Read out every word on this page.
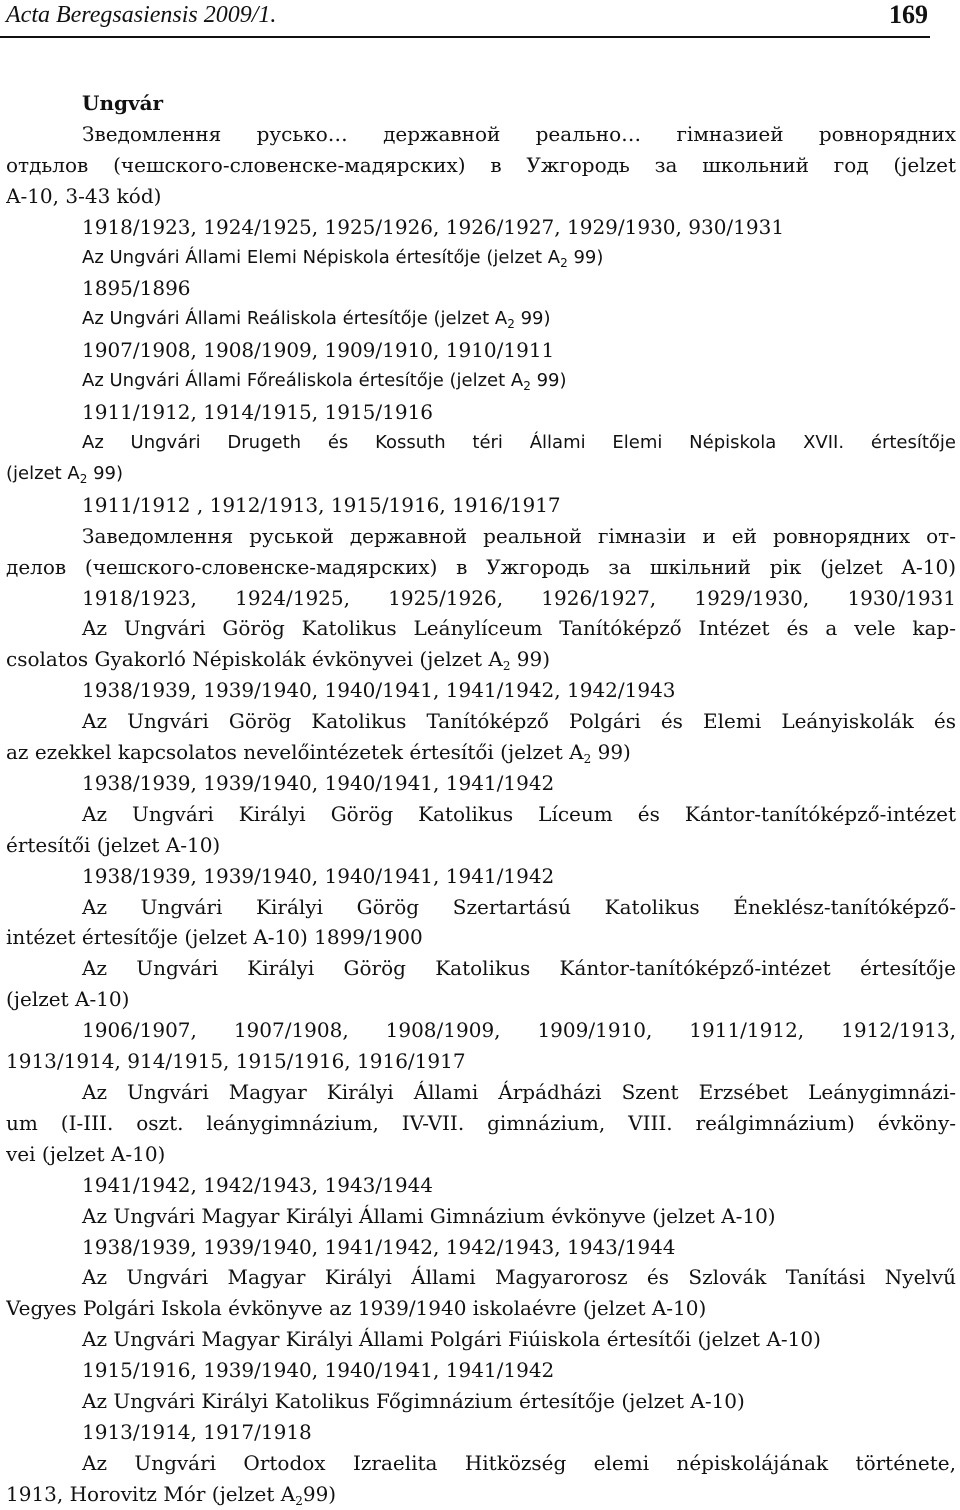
Acta Beregsasiensis 2009/1.	169
Ungvár
Зведомлення русько… державной реально… гімназией ровнорядних
отдьлов (чешского-словенске-мадярских) в Ужгородь за школьний год (jelzet
A-10, 3-43 kód)
1918/1923, 1924/1925, 1925/1926, 1926/1927, 1929/1930, 930/1931
Az Ungvári Állami Elemi Népiskola értesítője (jelzet $A_2$ 99)
1895/1896
Az Ungvári Állami Reáliskola értesítője (jelzet $A_2$ 99)
1907/1908, 1908/1909, 1909/1910, 1910/1911
Az Ungvári Állami Főreáliskola értesítője (jelzet $A_2$ 99)
1911/1912, 1914/1915, 1915/1916
Az Ungvári Drugeth és Kossuth téri Állami Elemi Népiskola XVII. értesítője
(jelzet $A_2$ 99)
1911/1912 , 1912/1913, 1915/1916, 1916/1917
Заведомлення руськой державной реальной гімназіи и ей ровнорядних от-
делов (чешского-словенске-мадярских) в Ужгородь за шкільний рік (jelzet A-10)
1918/1923, 1924/1925, 1925/1926, 1926/1927, 1929/1930, 1930/1931
Az Ungvári Görög Katolikus Leánylíceum Tanítóképző Intézet és a vele kap-
csolatos Gyakorló Népiskolák évkönyvei (jelzet $A_2$ 99)
1938/1939, 1939/1940, 1940/1941, 1941/1942, 1942/1943
Az Ungvári Görög Katolikus Tanítóképző Polgári és Elemi Leányiskolák és
az ezekkel kapcsolatos nevelőintézetek értesítői (jelzet $A_2$ 99)
1938/1939, 1939/1940, 1940/1941, 1941/1942
Az Ungvári Királyi Görög Katolikus Líceum és Kántor-tanítóképző-intézet
értesítői (jelzet A-10)
1938/1939, 1939/1940, 1940/1941, 1941/1942
Az Ungvári Királyi Görög Szertartású Katolikus Éneklész-tanítóképző-
intézet értesítője (jelzet A-10) 1899/1900
Az Ungvári Királyi Görög Katolikus Kántor-tanítóképző-intézet értesítője
(jelzet A-10)
1906/1907, 1907/1908, 1908/1909, 1909/1910, 1911/1912, 1912/1913,
1913/1914, 914/1915, 1915/1916, 1916/1917
Az Ungvári Magyar Királyi Állami Árpádházi Szent Erzsébet Leánygimnázi-
um (I-III. oszt. leánygimnázium, IV-VII. gimnázium, VIII. reálgimnázium) évköny-
vei (jelzet A-10)
1941/1942, 1942/1943, 1943/1944
Az Ungvári Magyar Királyi Állami Gimnázium évkönyve (jelzet A-10)
1938/1939, 1939/1940, 1941/1942, 1942/1943, 1943/1944
Az Ungvári Magyar Királyi Állami Magyarorosz és Szlovák Tanítási Nyelvű
Vegyes Polgári Iskola évkönyve az 1939/1940 iskolaévre (jelzet A-10)
Az Ungvári Magyar Királyi Állami Polgári Fiúiskola értesítői (jelzet A-10)
1915/1916, 1939/1940, 1940/1941, 1941/1942
Az Ungvári Királyi Katolikus Főgimnázium értesítője (jelzet A-10)
1913/1914, 1917/1918
Az Ungvári Ortodox Izraelita Hitközség elemi népiskolájának története,
1913, Horovitz Mór (jelzet $A_299$)
